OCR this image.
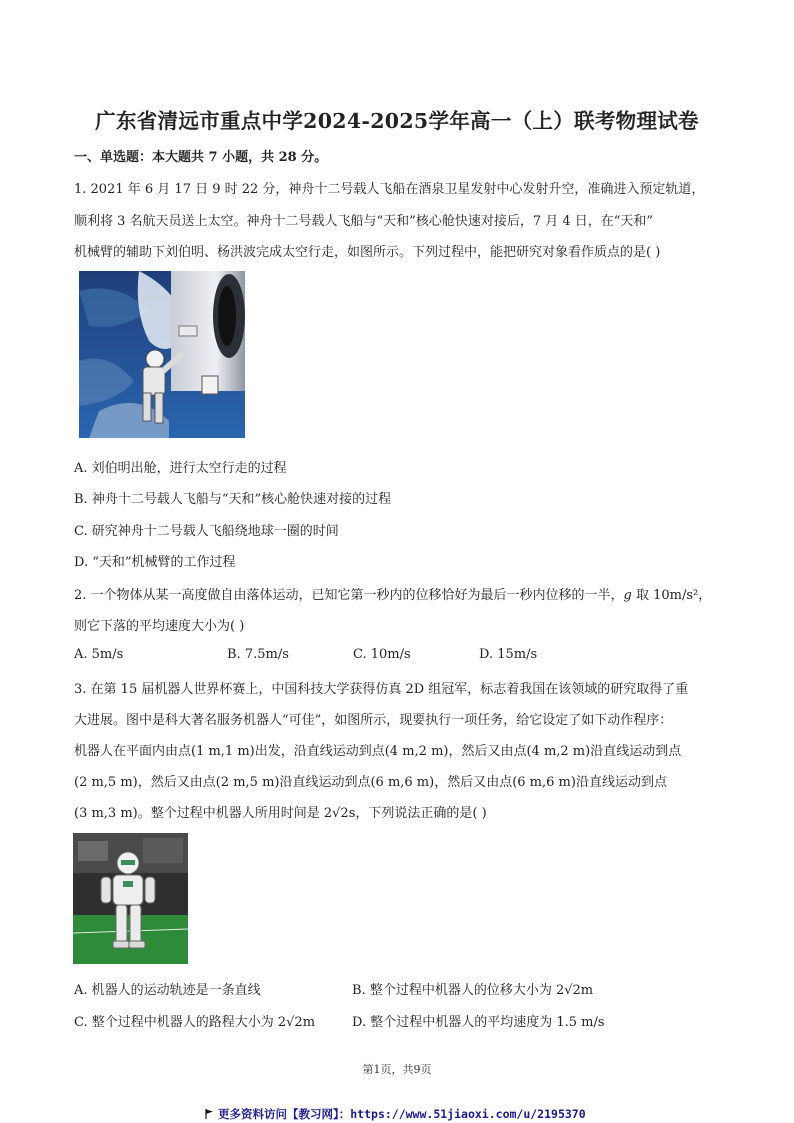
广东省清远市重点中学2024-2025学年高一（上）联考物理试卷
一、单选题：本大题共 7 小题，共 28 分。
1. 2021 年 6 月 17 日 9 时 22 分，神舟十二号载人飞船在酒泉卫星发射中心发射升空，准确进入预定轨道，
顺利将 3 名航天员送上太空。神舟十二号载人飞船与“天和”核心舱快速对接后，7 月 4 日，在“天和”
机械臂的辅助下刘伯明、杨洪波完成太空行走，如图所示。下列过程中，能把研究对象看作质点的是( )
A. 刘伯明出舱，进行太空行走的过程
B. 神舟十二号载人飞船与“天和”核心舱快速对接的过程
C. 研究神舟十二号载人飞船绕地球一圈的时间
D. “天和”机械臂的工作过程
2. 一个物体从某一高度做自由落体运动，已知它第一秒内的位移恰好为最后一秒内位移的一半，g 取 10m/s²，
则它下落的平均速度大小为( )
A. 5m/s	B. 7.5m/s	C. 10m/s	D. 15m/s
3. 在第 15 届机器人世界杯赛上，中国科技大学获得仿真 2D 组冠军，标志着我国在该领域的研究取得了重
大进展。图中是科大著名服务机器人“可佳”，如图所示，现要执行一项任务，给它设定了如下动作程序：
机器人在平面内由点(1 m,1 m)出发，沿直线运动到点(4 m,2 m)，然后又由点(4 m,2 m)沿直线运动到点
(2 m,5 m)，然后又由点(2 m,5 m)沿直线运动到点(6 m,6 m)，然后又由点(6 m,6 m)沿直线运动到点
(3 m,3 m)。整个过程中机器人所用时间是 2√2s，下列说法正确的是( )
A. 机器人的运动轨迹是一条直线	B. 整个过程中机器人的位移大小为 2√2m
C. 整个过程中机器人的路程大小为 2√2m	D. 整个过程中机器人的平均速度为 1.5 m/s
第1页，共9页
更多资料访问【教习网】：https://www.51jiaoxi.com/u/2195370
